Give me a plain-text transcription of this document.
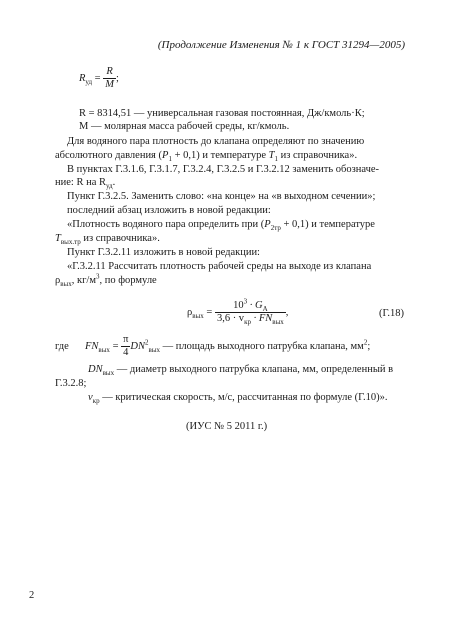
(Продолжение Изменения № 1 к ГОСТ 31294—2005)
$R_{уд} = \frac{R}{M}$ ;
R = 8314,51 — универсальная газовая постоянная, Дж/кмоль·К;
M — молярная масса рабочей среды, кг/кмоль.
Для водяного пара плотность до клапана определяют по значению
абсолютного давления $(P_1 + 0,1)$ и температуре $T_1$ из справочника».
В пунктах Г.3.1.6, Г.3.1.7, Г.3.2.4, Г.3.2.5 и Г.3.2.12 заменить обозначе-
ние: R на $R_{уд}$.
Пункт Г.3.2.5. Заменить слово: «на конце» на «в выходном сечении»;
последний абзац изложить в новой редакции:
«Плотность водяного пара определить при $(P_{2тр} + 0,1)$ и температуре
$T_{вых.тр}$ из справочника».
Пункт Г.3.2.11 изложить в новой редакции:
«Г.3.2.11 Рассчитать плотность рабочей среды на выходе из клапана
$\rho_{вых}$, $кг/м^3$, по формуле
$\rho_{вых} = \frac{10^3 \cdot G_A}{3,6 \cdot v_{кр} \cdot FN_{вых}}$ ,	(Г.18)
где $FN_{вых} = \frac{\pi}{4} DN^2_{вых}$ — площадь выходного патрубка клапана, $мм^2$;
$DN_{вых}$ — диаметр выходного патрубка клапана, мм, определенный в
Г.3.2.8;
$v_{кр}$ — критическая скорость, м/с, рассчитанная по формуле (Г.10)».
(ИУС № 5 2011 г.)
2
